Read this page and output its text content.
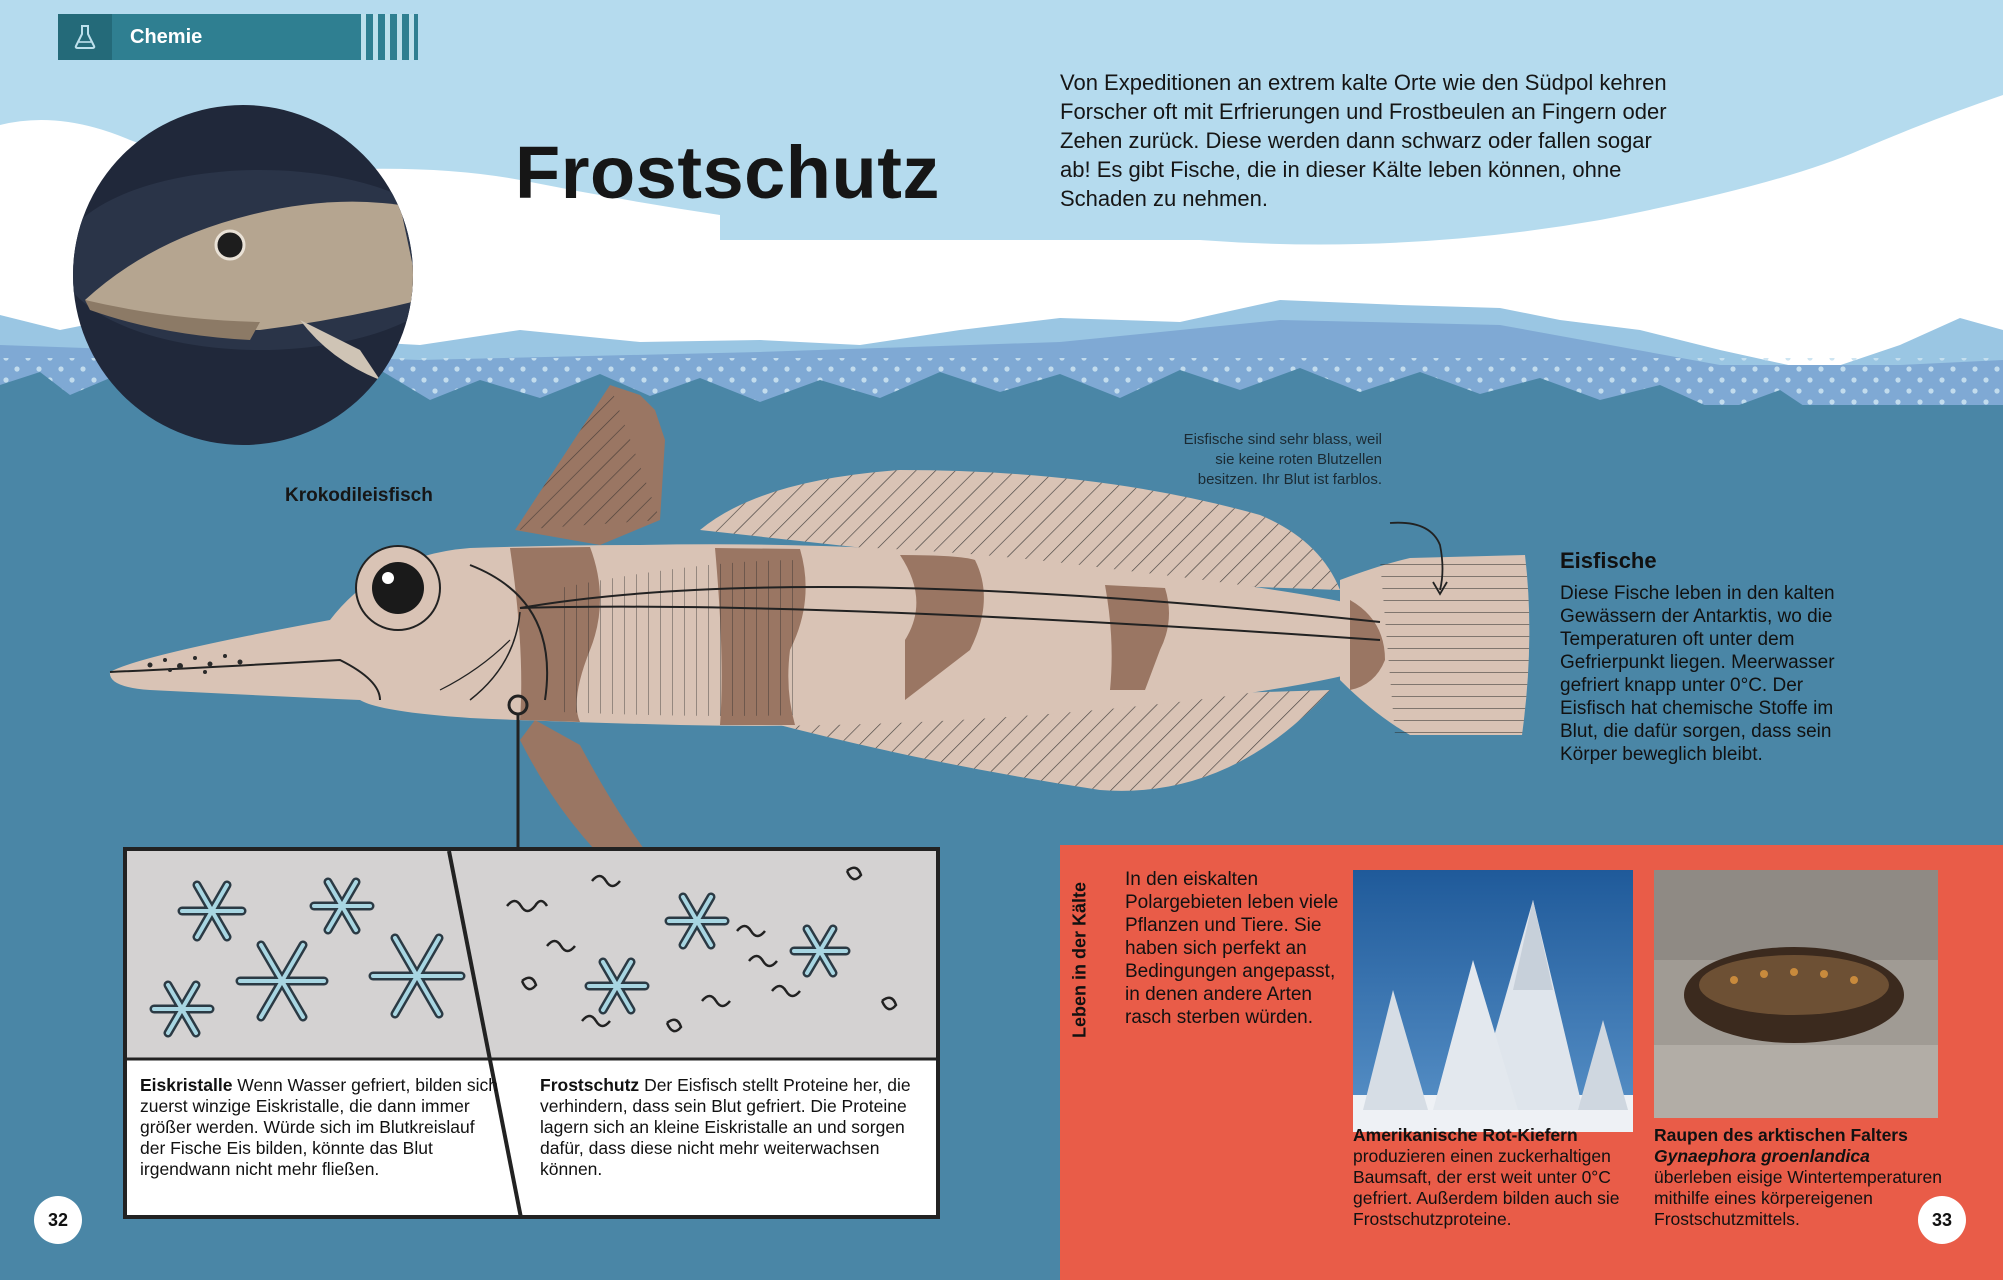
Chemie
Frostschutz
Von Expeditionen an extrem kalte Orte wie den Südpol kehren Forscher oft mit Erfrierungen und Frostbeulen an Fingern oder Zehen zurück. Diese werden dann schwarz oder fallen sogar ab! Es gibt Fische, die in dieser Kälte leben können, ohne Schaden zu nehmen.
Krokodileisfisch
Eisfische sind sehr blass, weil sie keine roten Blutzellen besitzen. Ihr Blut ist farblos.
Eisfische
Diese Fische leben in den kalten Gewässern der Antarktis, wo die Temperaturen oft unter dem Gefrierpunkt liegen. Meerwasser gefriert knapp unter 0°C. Der Eisfisch hat chemische Stoffe im Blut, die dafür sorgen, dass sein Körper beweglich bleibt.
Eiskristalle Wenn Wasser gefriert, bilden sich zuerst winzige Eiskristalle, die dann immer größer werden. Würde sich im Blutkreislauf der Fische Eis bilden, könnte das Blut irgendwann nicht mehr fließen.
Frostschutz Der Eisfisch stellt Proteine her, die verhindern, dass sein Blut gefriert. Die Proteine lagern sich an kleine Eiskristalle an und sorgen dafür, dass diese nicht mehr weiterwachsen können.
Leben in der Kälte
In den eiskalten Polargebieten leben viele Pflanzen und Tiere. Sie haben sich perfekt an Bedingungen angepasst, in denen andere Arten rasch sterben würden.
Amerikanische Rot-Kiefern
produzieren einen zuckerhaltigen Baumsaft, der erst weit unter 0°C gefriert. Außerdem bilden auch sie Frostschutzproteine.
Raupen des arktischen Falters
Gynaephora groenlandica überleben eisige Wintertemperaturen mithilfe eines körpereigenen Frostschutzmittels.
32	33
